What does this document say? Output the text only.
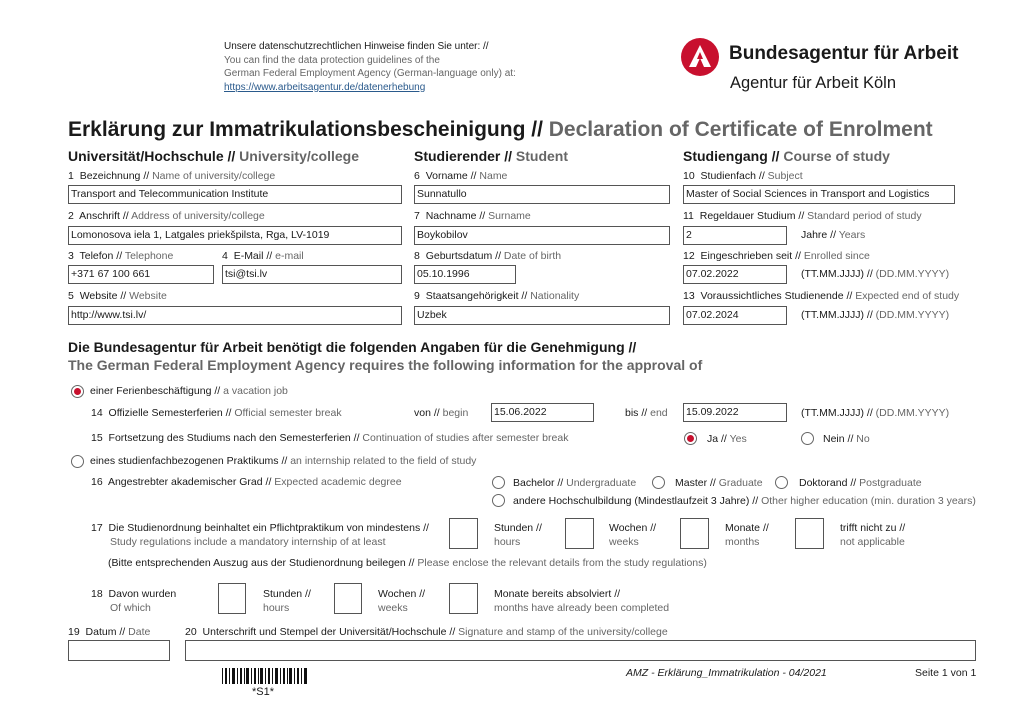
Unsere datenschutzrechtlichen Hinweise finden Sie unter: //
You can find the data protection guidelines of the
German Federal Employment Agency (German-language only) at:
https://www.arbeitsagentur.de/datenerhebung
Bundesagentur für Arbeit
Agentur für Arbeit Köln
Erklärung zur Immatrikulationsbescheinigung // Declaration of Certificate of Enrolment
Universität/Hochschule // University/college	Studierender // Student	Studiengang // Course of study
1 Bezeichnung // Name of university/college
Transport and Telecommunication Institute
2 Anschrift // Address of university/college
Lomonosova iela 1, Latgales priekšpilsta, Rga, LV-1019
3 Telefon // Telephone
+371 67 100 661
4 E-Mail // e-mail
tsi@tsi.lv
5 Website // Website
http://www.tsi.lv/
6 Vorname // Name
Sunnatullo
7 Nachname // Surname
Boykobilov
8 Geburtsdatum // Date of birth
05.10.1996
9 Staatsangehörigkeit // Nationality
Uzbek
10 Studienfach // Subject
Master of Social Sciences in Transport and Logistics
11 Regeldauer Studium // Standard period of study
2	Jahre // Years
12 Eingeschrieben seit // Enrolled since
07.02.2022	(TT.MM.JJJJ) // (DD.MM.YYYY)
13 Voraussichtliches Studienende // Expected end of study
07.02.2024	(TT.MM.JJJJ) // (DD.MM.YYYY)
Die Bundesagentur für Arbeit benötigt die folgenden Angaben für die Genehmigung //
The German Federal Employment Agency requires the following information for the approval of
einer Ferienbeschäftigung // a vacation job
14 Offizielle Semesterferien // Official semester break	von // begin 15.06.2022	bis // end 15.09.2022	(TT.MM.JJJJ) // (DD.MM.YYYY)
15 Fortsetzung des Studiums nach den Semesterferien // Continuation of studies after semester break	Ja // Yes	Nein // No
eines studienfachbezogenen Praktikums // an internship related to the field of study
16 Angestrebter akademischer Grad // Expected academic degree	Bachelor // Undergraduate	Master // Graduate	Doktorand // Postgraduate
andere Hochschulbildung (Mindestlaufzeit 3 Jahre) // Other higher education (min. duration 3 years)
17 Die Studienordnung beinhaltet ein Pflichtpraktikum von mindestens //
Study regulations include a mandatory internship of at least
Stunden //
hours
Wochen //
weeks
Monate //
months
trifft nicht zu //
not applicable
(Bitte entsprechenden Auszug aus der Studienordnung beilegen // Please enclose the relevant details from the study regulations)
18 Davon wurden
Of which
Stunden //
hours
Wochen //
weeks
Monate bereits absolviert //
months have already been completed
19 Datum // Date	20 Unterschrift und Stempel der Universität/Hochschule // Signature and stamp of the university/college
*S1*
AMZ - Erklärung_Immatrikulation - 04/2021	Seite 1 von 1
